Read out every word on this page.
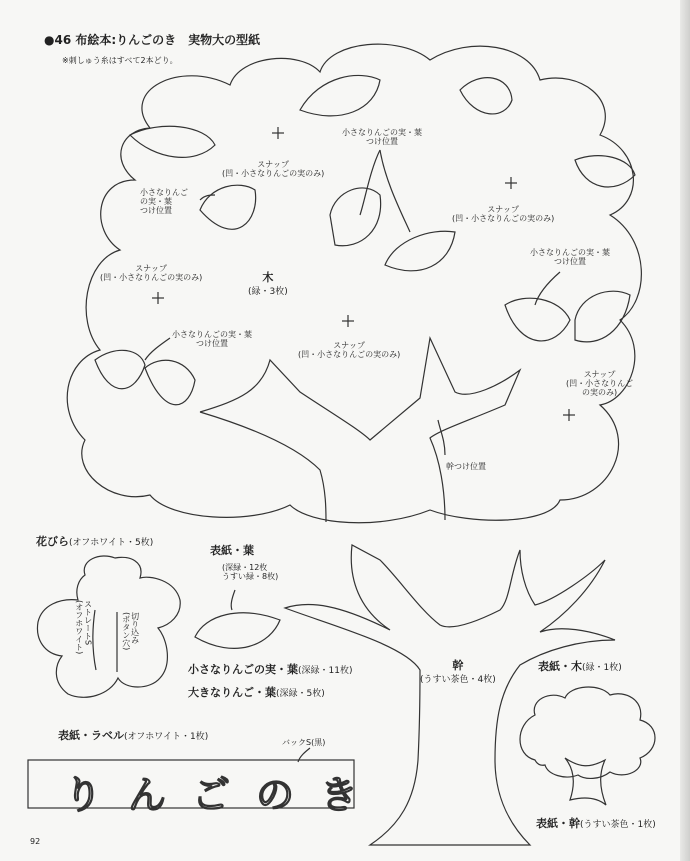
●46 布絵本:りんごのき　実物大の型紙
※刺しゅう糸はすべて2本どり。
木
(緑・3枚)
スナップ
(凹・小さなりんごの実のみ)
スナップ
(凹・小さなりんごの実のみ)
スナップ
(凹・小さなりんごの実のみ)
スナップ
(凹・小さなりんごの実のみ)
スナップ
(凹・小さなりんご
の実のみ)
小さなりんごの実・葉
つけ位置
小さなりんご
の実・葉
つけ位置
小さなりんごの実・葉
つけ位置
小さなりんごの実・葉
つけ位置
幹つけ位置
花びら(オフホワイト・5枚)
ストレートS
(オフホワイト)	切り込み
(ボタン穴)
表紙・葉
(深緑・12枚
うすい緑・8枚)
小さなりんごの実・葉(深緑・11枚)
大きなりんご・葉(深緑・5枚)
幹
(うすい茶色・4枚)
表紙・木(緑・1枚)
表紙・幹(うすい茶色・1枚)
表紙・ラベル(オフホワイト・1枚)
バックS(黒)
りんごのき
92
